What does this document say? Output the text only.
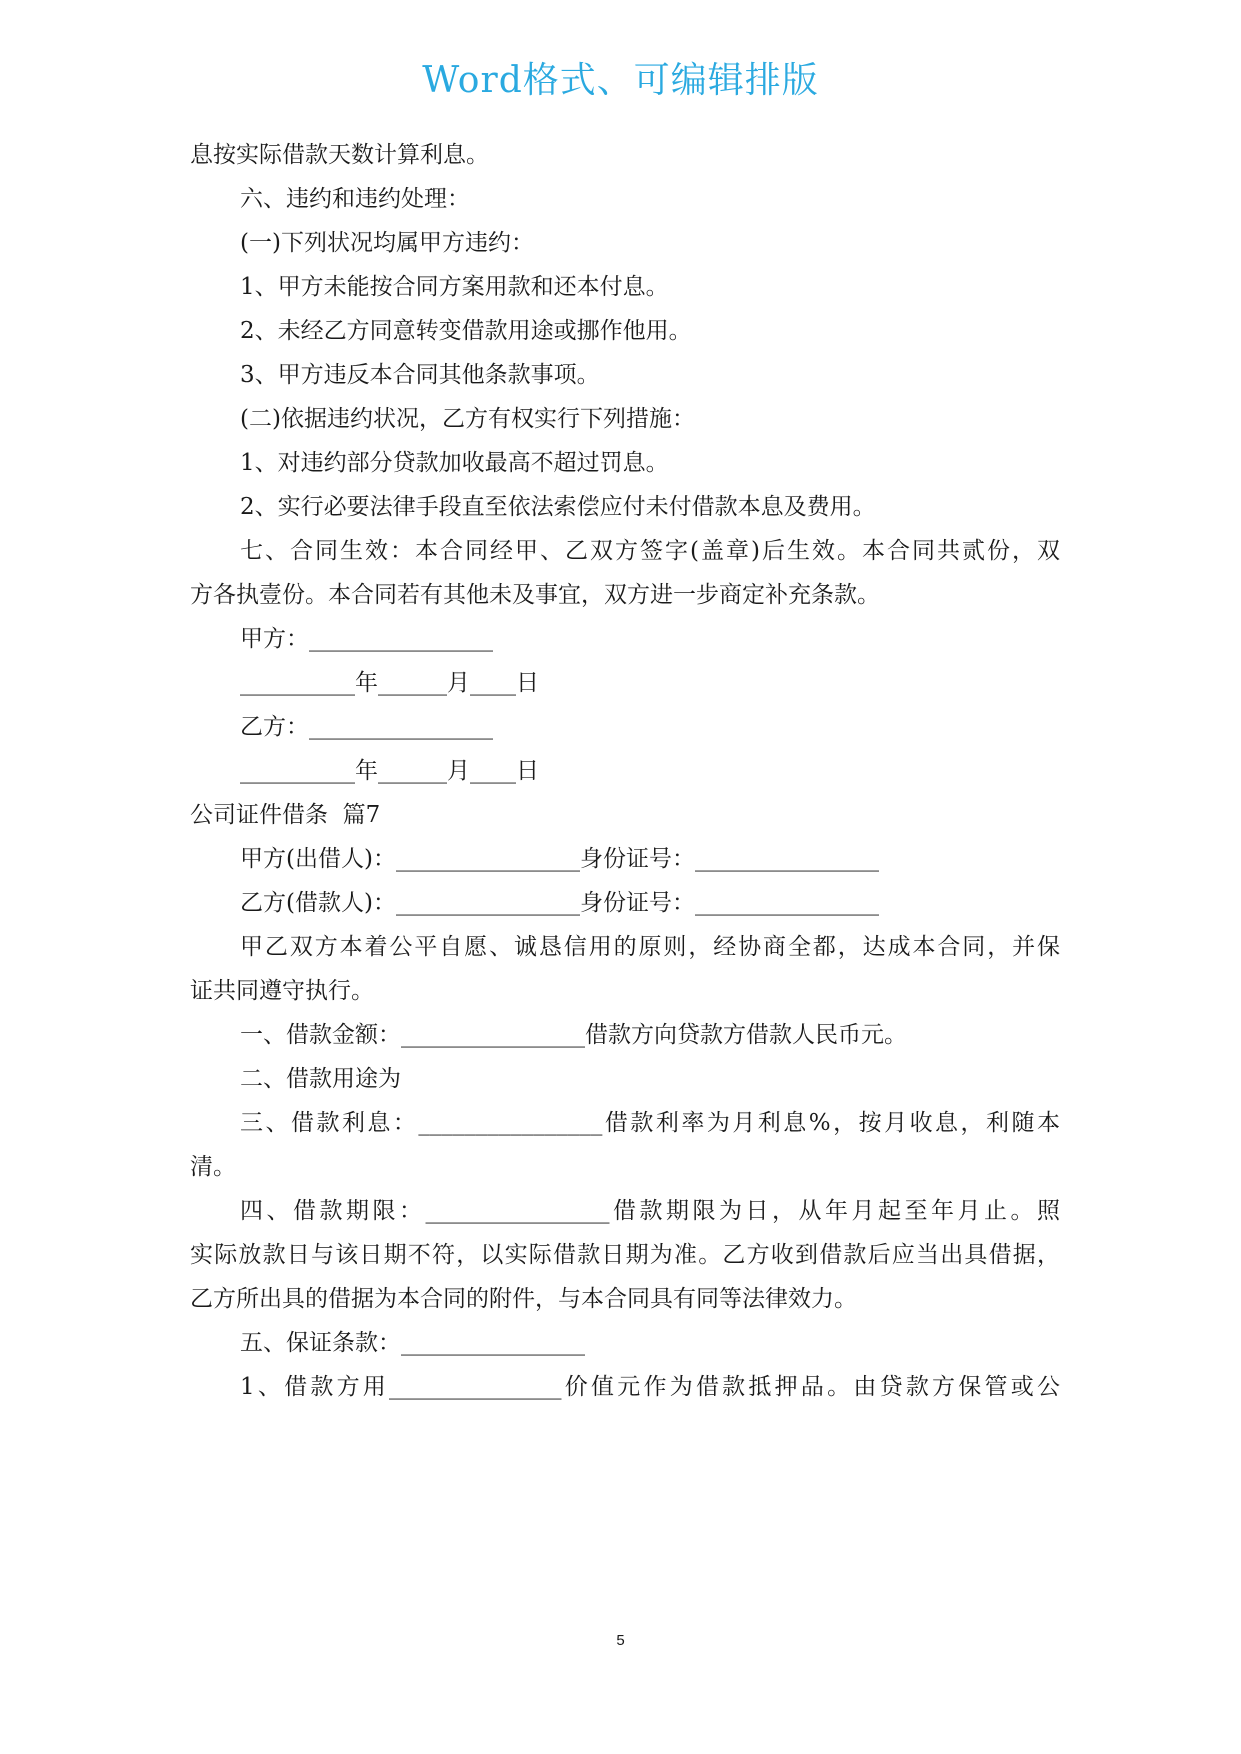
Word格式、可编辑排版
息按实际借款天数计算利息。
六、违约和违约处理：
(一)下列状况均属甲方违约：
1、甲方未能按合同方案用款和还本付息。
2、未经乙方同意转变借款用途或挪作他用。
3、甲方违反本合同其他条款事项。
(二)依据违约状况，乙方有权实行下列措施：
1、对违约部分贷款加收最高不超过罚息。
2、实行必要法律手段直至依法索偿应付未付借款本息及费用。
七、合同生效：本合同经甲、乙双方签字(盖章)后生效。本合同共贰份，双
方各执壹份。本合同若有其他未及事宜，双方进一步商定补充条款。
甲方：________________
__________年______月____日
乙方：________________
__________年______月____日
公司证件借条  篇7
甲方(出借人)：________________身份证号：________________
乙方(借款人)：________________身份证号：________________
甲乙双方本着公平自愿、诚恳信用的原则，经协商全都，达成本合同，并保
证共同遵守执行。
一、借款金额：________________借款方向贷款方借款人民币元。
二、借款用途为
三、借款利息：________________借款利率为月利息%，按月收息，利随本
清。
四、借款期限：________________借款期限为日，从年月起至年月止。照
实际放款日与该日期不符，以实际借款日期为准。乙方收到借款后应当出具借据，
乙方所出具的借据为本合同的附件，与本合同具有同等法律效力。
五、保证条款：________________
1、借款方用_______________价值元作为借款抵押品。由贷款方保管或公
5
